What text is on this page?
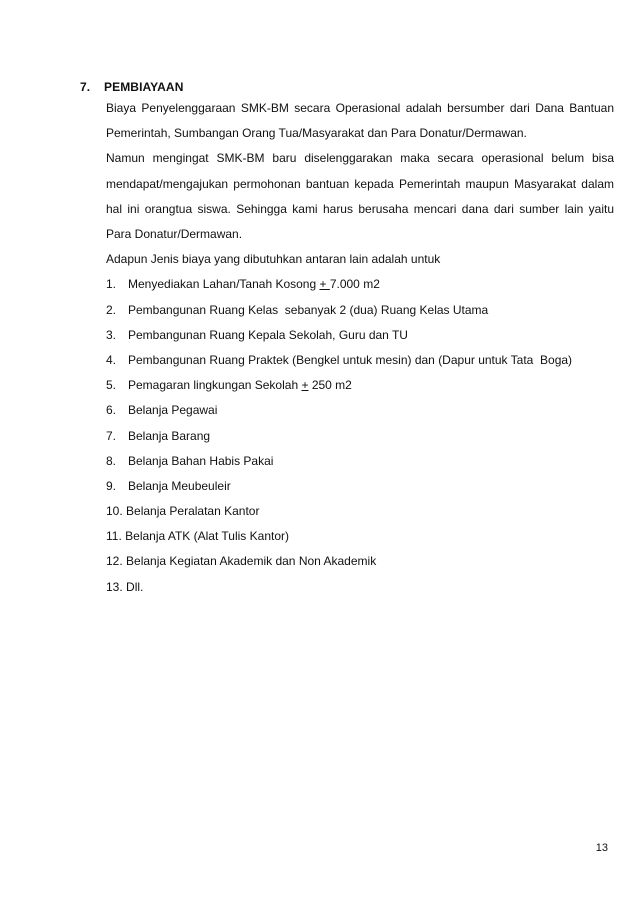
7. PEMBIAYAAN

Biaya Penyelenggaraan SMK-BM secara Operasional adalah bersumber dari Dana Bantuan Pemerintah, Sumbangan Orang Tua/Masyarakat dan Para Donatur/Dermawan.

Namun mengingat SMK-BM baru diselenggarakan maka secara operasional belum bisa mendapat/mengajukan permohonan bantuan kepada Pemerintah maupun Masyarakat dalam hal ini orangtua siswa. Sehingga kami harus berusaha mencari dana dari sumber lain yaitu Para Donatur/Dermawan.

Adapun Jenis biaya yang dibutuhkan antaran lain adalah untuk

1. Menyediakan Lahan/Tanah Kosong + 7.000 m2
2. Pembangunan Ruang Kelas  sebanyak 2 (dua) Ruang Kelas Utama
3. Pembangunan Ruang Kepala Sekolah, Guru dan TU
4. Pembangunan Ruang Praktek (Bengkel untuk mesin) dan (Dapur untuk Tata  Boga)
5. Pemagaran lingkungan Sekolah + 250 m2
6. Belanja Pegawai
7. Belanja Barang
8. Belanja Bahan Habis Pakai
9. Belanja Meubeuleir
10.
Belanja Peralatan Kantor
11.
Belanja ATK (Alat Tulis Kantor)
12.
Belanja Kegiatan Akademik dan Non Akademik
13.
Dll.
13
